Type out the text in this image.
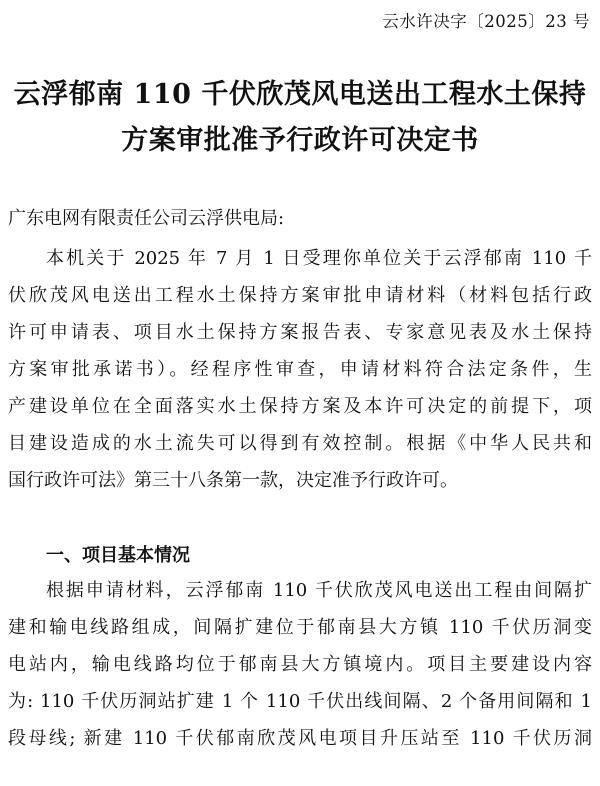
云水许决字〔2025〕23 号
云浮郁南 110 千伏欣茂风电送出工程水土保持
方案审批准予行政许可决定书
广东电网有限责任公司云浮供电局:
本机关于 2025 年 7 月 1 日受理你单位关于云浮郁南 110 千
伏欣茂风电送出工程水土保持方案审批申请材料（材料包括行政
许可申请表、项目水土保持方案报告表、专家意见表及水土保持
方案审批承诺书）。经程序性审查，申请材料符合法定条件，生
产建设单位在全面落实水土保持方案及本许可决定的前提下，项
目建设造成的水土流失可以得到有效控制。根据《中华人民共和
国行政许可法》第三十八条第一款，决定准予行政许可。
一、项目基本情况
根据申请材料，云浮郁南 110 千伏欣茂风电送出工程由间隔扩
建和输电线路组成，间隔扩建位于郁南县大方镇 110 千伏历洞变
电站内，输电线路均位于郁南县大方镇境内。项目主要建设内容
为: 110 千伏历洞站扩建 1 个 110 千伏出线间隔、2 个备用间隔和 1
段母线; 新建 110 千伏郁南欣茂风电项目升压站至 110 千伏历洞
